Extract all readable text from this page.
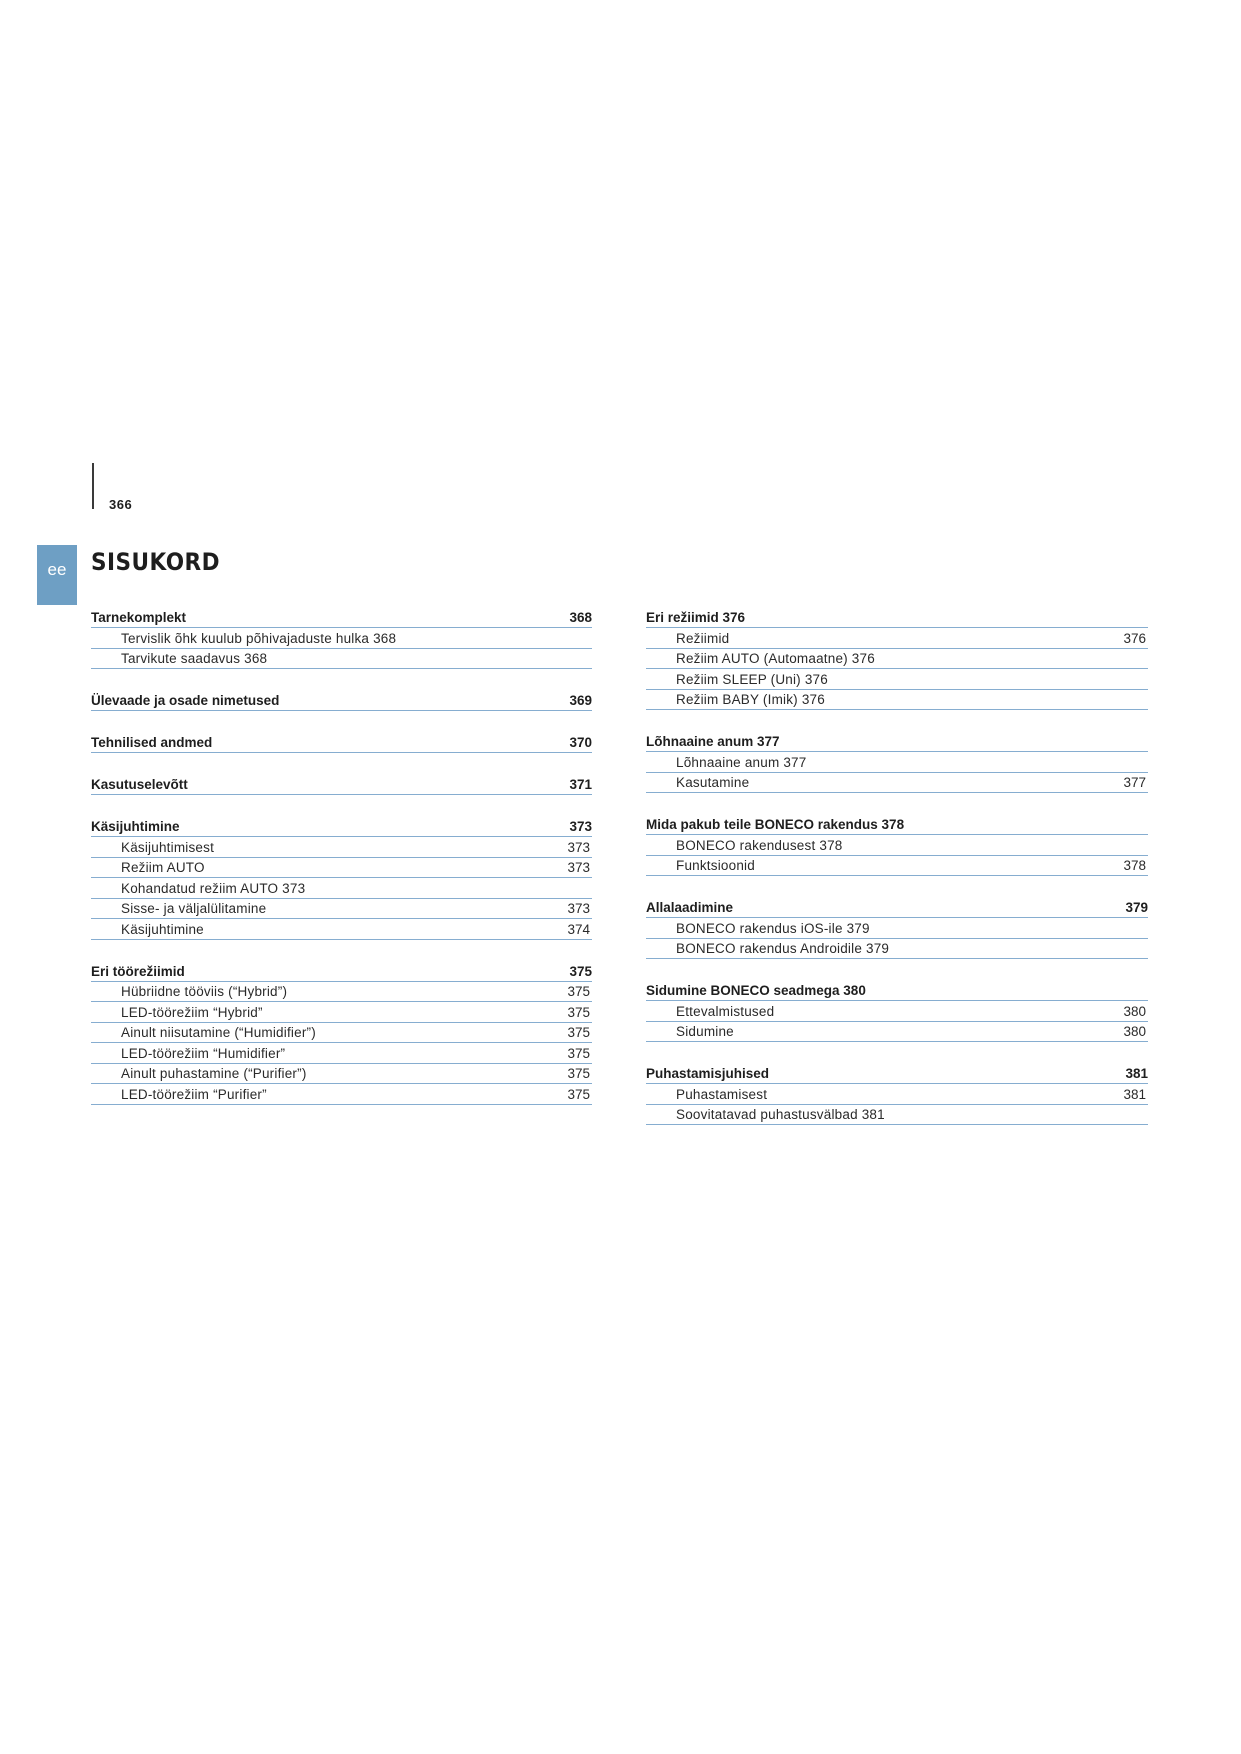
366
ee	SISUKORD
Tarnekomplekt	368
Tervislik õhk kuulub põhivajaduste hulka 368
Tarvikute saadavus 368
Ülevaade ja osade nimetused	369
Tehnilised andmed	370
Kasutuselevõtt	371
Käsijuhtimine	373
Käsijuhtimisest	373
Režiim AUTO	373
Kohandatud režiim AUTO 373
Sisse- ja väljalülitamine	373
Käsijuhtimine	374
Eri töörežiimid	375
Hübriidne tööviis (“Hybrid”)	375
LED-töörežiim “Hybrid”	375
Ainult niisutamine (“Humidifier”)	375
LED-töörežiim “Humidifier”	375
Ainult puhastamine (“Purifier”)	375
LED-töörežiim “Purifier”	375
Eri režiimid 376
Režiimid	376
Režiim AUTO (Automaatne) 376
Režiim SLEEP (Uni) 376
Režiim BABY (Imik) 376
Lõhnaaine anum 377
Lõhnaaine anum 377
Kasutamine	377
Mida pakub teile BONECO rakendus 378
BONECO rakendusest 378
Funktsioonid	378
Allalaadimine	379
BONECO rakendus iOS-ile 379
BONECO rakendus Androidile 379
Sidumine BONECO seadmega 380
Ettevalmistused	380
Sidumine	380
Puhastamisjuhised	381
Puhastamisest	381
Soovitatavad puhastusvälbad 381
